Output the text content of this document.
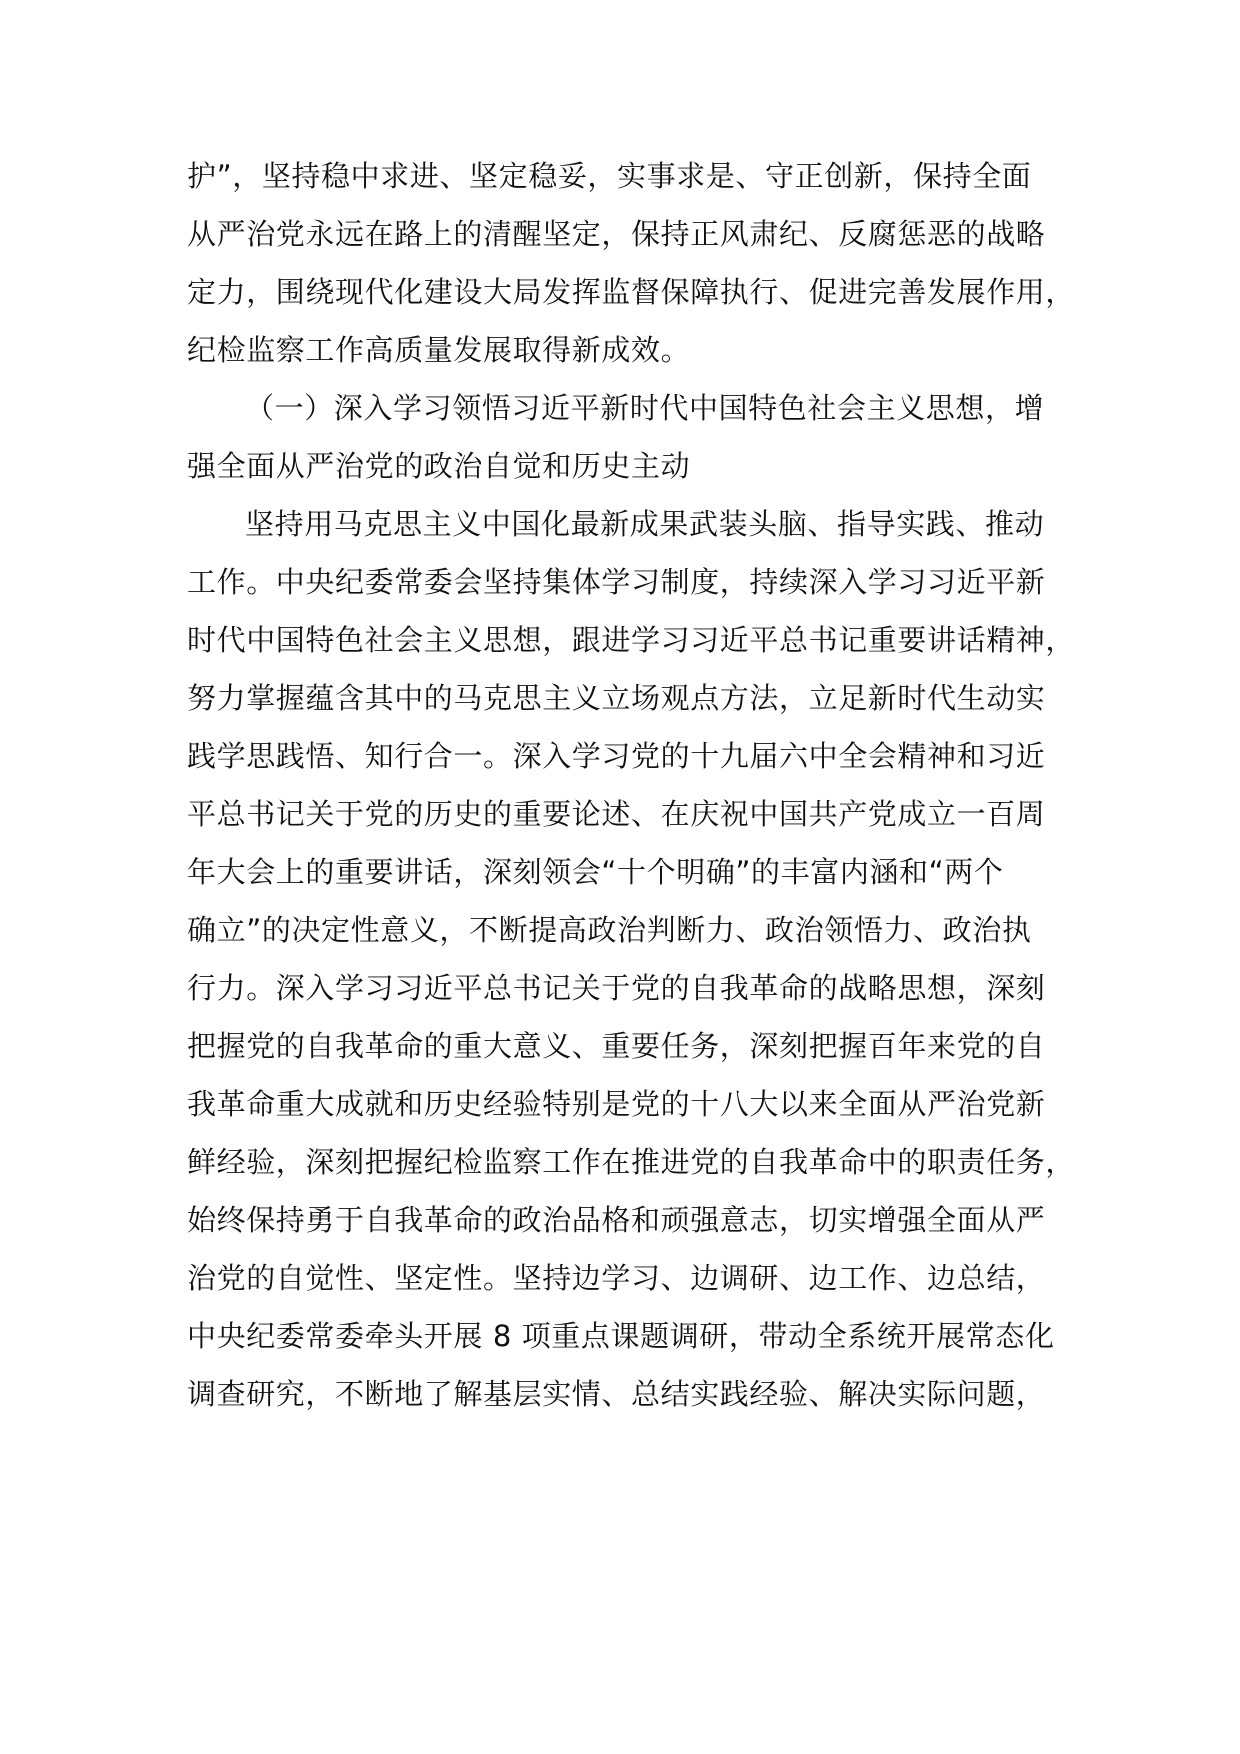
护”，坚持稳中求进、坚定稳妥，实事求是、守正创新，保持全面
从严治党永远在路上的清醒坚定，保持正风肃纪、反腐惩恶的战略
定力，围绕现代化建设大局发挥监督保障执行、促进完善发展作用，
纪检监察工作高质量发展取得新成效。
（一）深入学习领悟习近平新时代中国特色社会主义思想，增
强全面从严治党的政治自觉和历史主动
坚持用马克思主义中国化最新成果武装头脑、指导实践、推动
工作。中央纪委常委会坚持集体学习制度，持续深入学习习近平新
时代中国特色社会主义思想，跟进学习习近平总书记重要讲话精神，
努力掌握蕴含其中的马克思主义立场观点方法，立足新时代生动实
践学思践悟、知行合一。深入学习党的十九届六中全会精神和习近
平总书记关于党的历史的重要论述、在庆祝中国共产党成立一百周
年大会上的重要讲话，深刻领会“十个明确”的丰富内涵和“两个
确立”的决定性意义，不断提高政治判断力、政治领悟力、政治执
行力。深入学习习近平总书记关于党的自我革命的战略思想，深刻
把握党的自我革命的重大意义、重要任务，深刻把握百年来党的自
我革命重大成就和历史经验特别是党的十八大以来全面从严治党新
鲜经验，深刻把握纪检监察工作在推进党的自我革命中的职责任务，
始终保持勇于自我革命的政治品格和顽强意志，切实增强全面从严
治党的自觉性、坚定性。坚持边学习、边调研、边工作、边总结，
中央纪委常委牵头开展 8 项重点课题调研，带动全系统开展常态化
调查研究，不断地了解基层实情、总结实践经验、解决实际问题，
